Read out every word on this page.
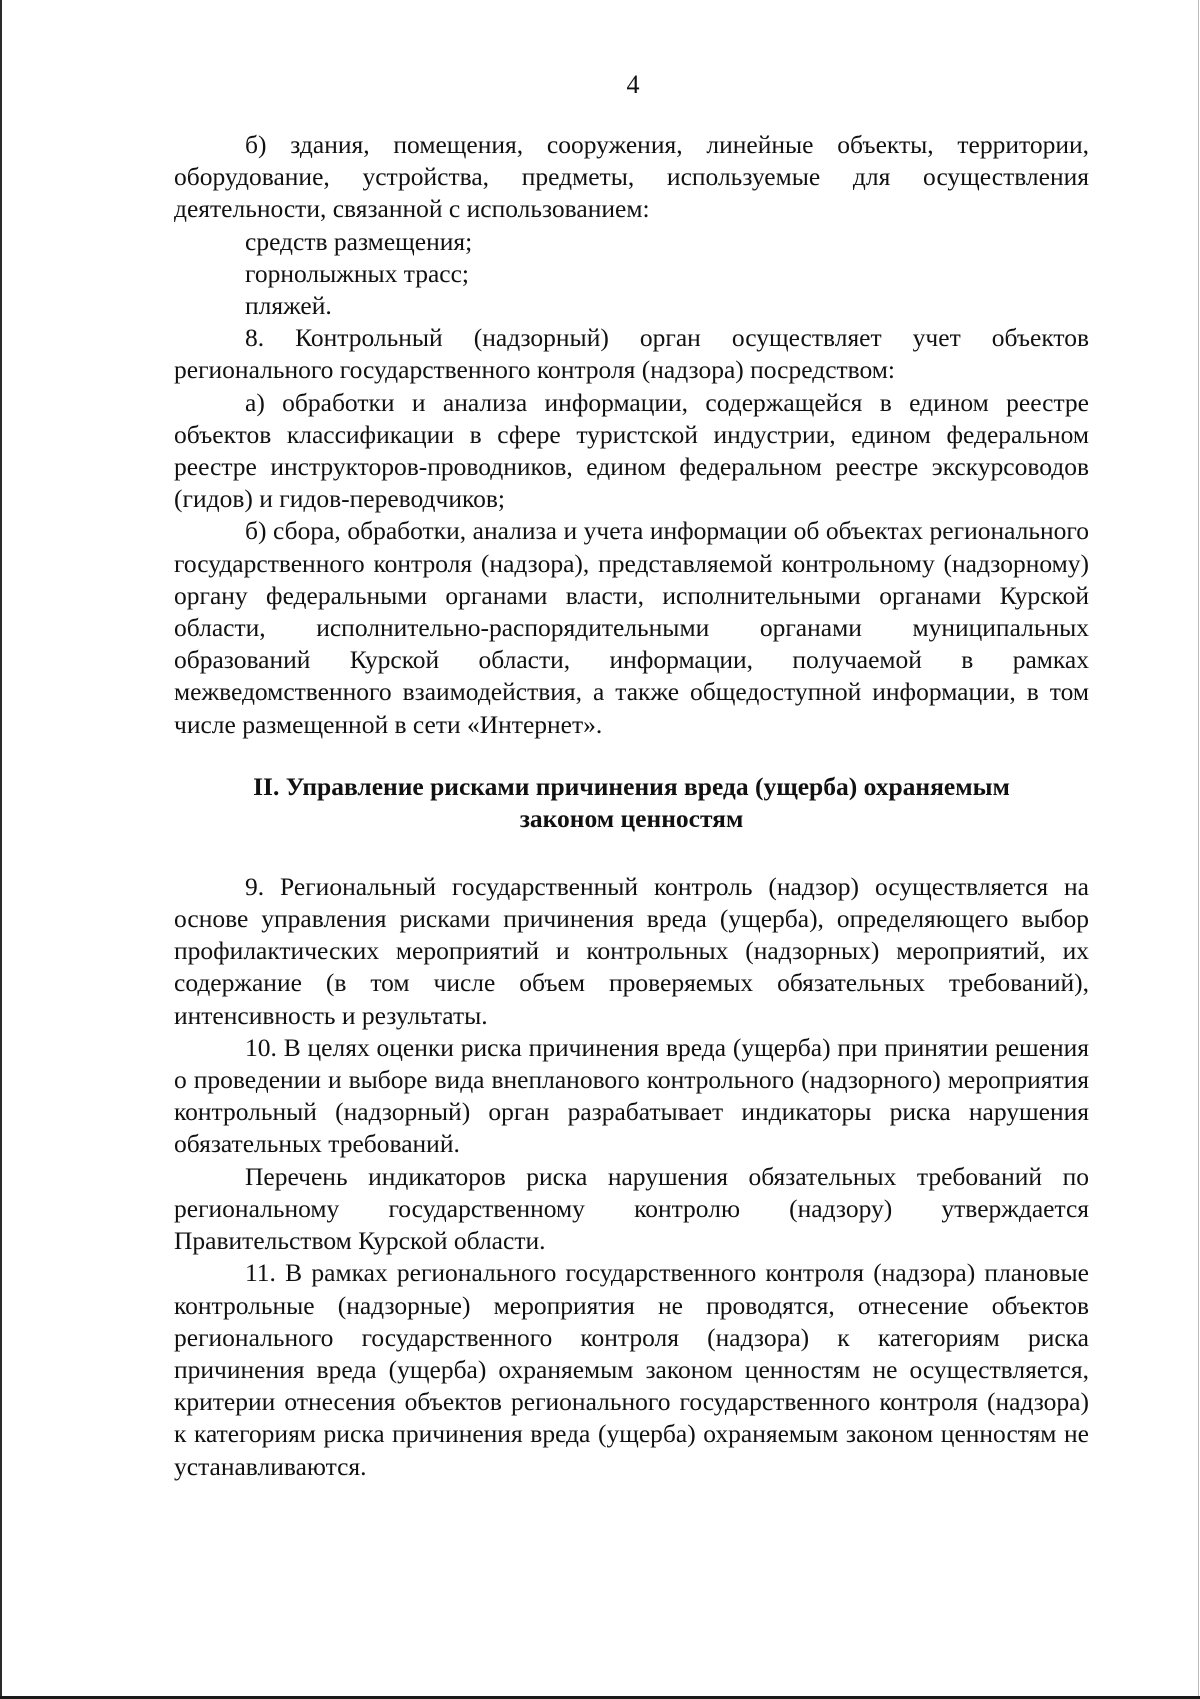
4

б) здания, помещения, сооружения, линейные объекты, территории, оборудование, устройства, предметы, используемые для осуществления деятельности, связанной с использованием:

средств размещения;

горнолыжных трасс;

пляжей.

8. Контрольный (надзорный) орган осуществляет учет объектов регионального государственного контроля (надзора) посредством:

а) обработки и анализа информации, содержащейся в едином реестре объектов классификации в сфере туристской индустрии, едином федеральном реестре инструкторов-проводников, едином федеральном реестре экскурсоводов (гидов) и гидов-переводчиков;

б) сбора, обработки, анализа и учета информации об объектах регионального государственного контроля (надзора), представляемой контрольному (надзорному) органу федеральными органами власти, исполнительными органами Курской области, исполнительно-распорядительными органами муниципальных образований Курской области, информации, получаемой в рамках межведомственного взаимодействия, а также общедоступной информации, в том числе размещенной в сети «Интернет».

II. Управление рисками причинения вреда (ущерба) охраняемым
законом ценностям

9. Региональный государственный контроль (надзор) осуществляется на основе управления рисками причинения вреда (ущерба), определяющего выбор профилактических мероприятий и контрольных (надзорных) мероприятий, их содержание (в том числе объем проверяемых обязательных требований), интенсивность и результаты.

10. В целях оценки риска причинения вреда (ущерба) при принятии решения о проведении и выборе вида внепланового контрольного (надзорного) мероприятия контрольный (надзорный) орган разрабатывает индикаторы риска нарушения обязательных требований.

Перечень индикаторов риска нарушения обязательных требований по региональному государственному контролю (надзору) утверждается Правительством Курской области.

11. В рамках регионального государственного контроля (надзора) плановые контрольные (надзорные) мероприятия не проводятся, отнесение объектов регионального государственного контроля (надзора) к категориям риска причинения вреда (ущерба) охраняемым законом ценностям не осуществляется, критерии отнесения объектов регионального государственного контроля (надзора) к категориям риска причинения вреда (ущерба) охраняемым законом ценностям не устанавливаются.
